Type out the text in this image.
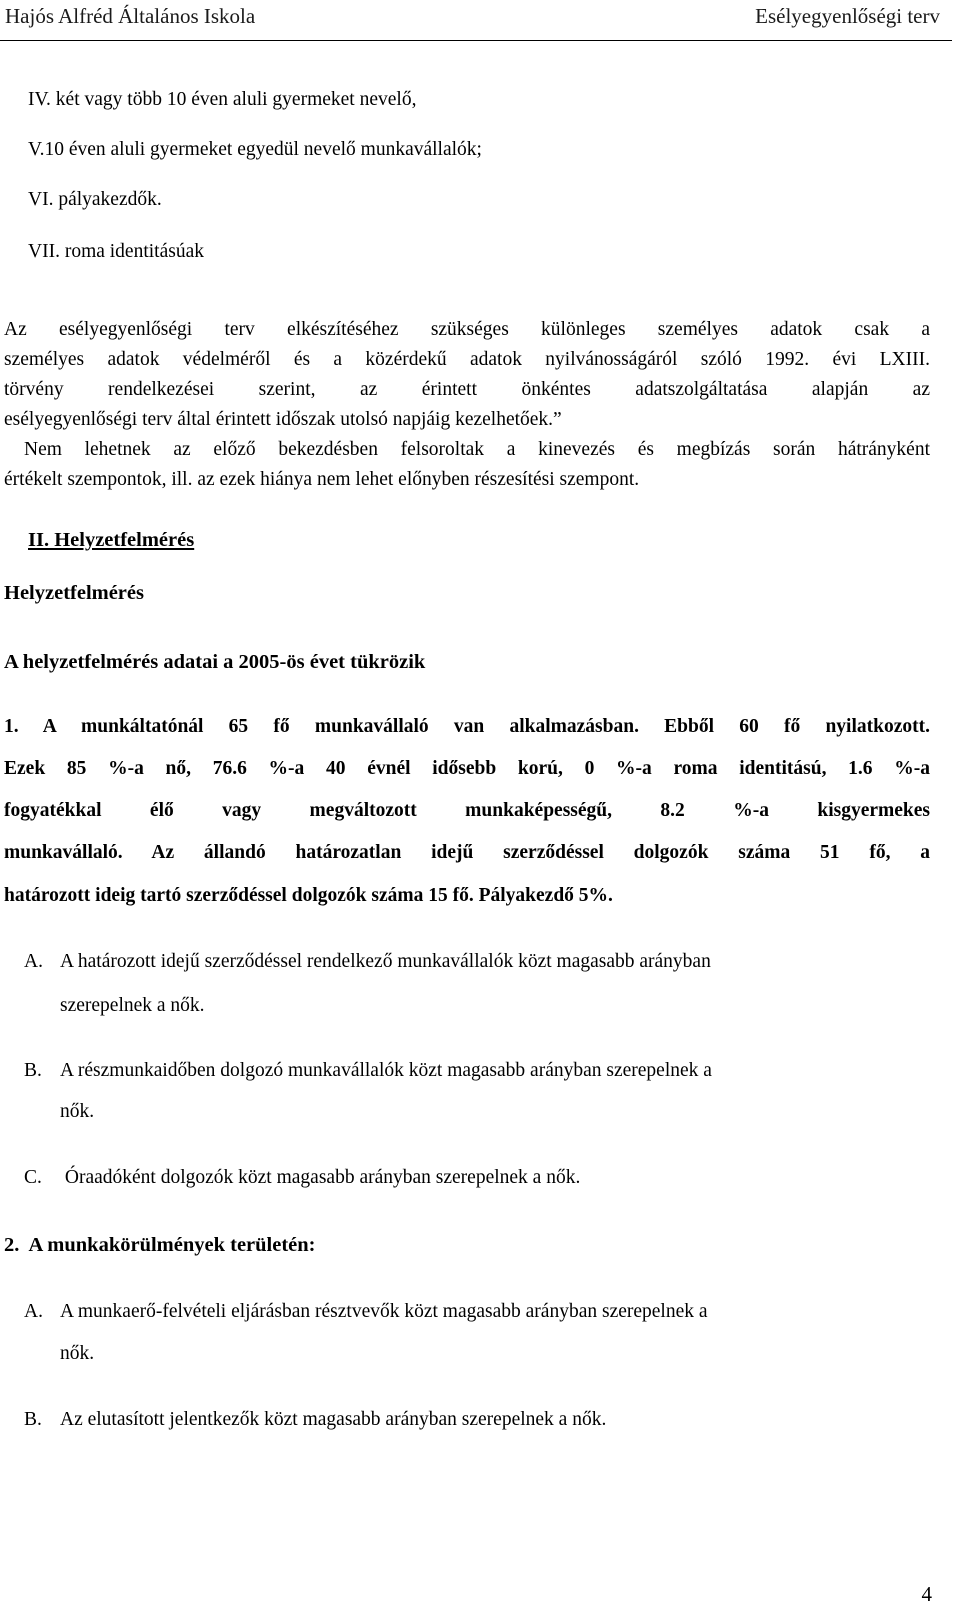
Hajós Alfréd Általános Iskola	Esélyegyenlőségi terv
IV. két vagy több 10 éven aluli gyermeket nevelő,
V.10 éven aluli gyermeket egyedül nevelő munkavállalók;
VI. pályakezdők.
VII. roma identitásúak
Az esélyegyenlőségi terv elkészítéséhez szükséges különleges személyes adatok csak a
személyes adatok védelméről és a közérdekű adatok nyilvánosságáról szóló 1992. évi LXIII.
törvény rendelkezései szerint, az érintett önkéntes adatszolgáltatása alapján az
esélyegyenlőségi terv által érintett időszak utolsó napjáig kezelhetőek.”
Nem lehetnek az előző bekezdésben felsoroltak a kinevezés és megbízás során hátrányként
értékelt szempontok, ill. az ezek hiánya nem lehet előnyben részesítési szempont.
II. Helyzetfelmérés
Helyzetfelmérés
A helyzetfelmérés adatai a 2005-ös évet tükrözik
1. A munkáltatónál 65 fő munkavállaló van alkalmazásban. Ebből 60 fő nyilatkozott.
Ezek 85 %-a nő, 76.6 %-a 40 évnél idősebb korú, 0 %-a roma identitású, 1.6 %-a
fogyatékkal élő vagy megváltozott munkaképességű, 8.2 %-a kisgyermekes
munkavállaló. Az állandó határozatlan idejű szerződéssel dolgozók száma 51 fő, a
határozott ideig tartó szerződéssel dolgozók száma 15 fő. Pályakezdő 5%.
A. A határozott idejű szerződéssel rendelkező munkavállalók közt magasabb arányban
szerepelnek a nők.
B. A részmunkaidőben dolgozó munkavállalók közt magasabb arányban szerepelnek a
nők.
C. Óraadóként dolgozók közt magasabb arányban szerepelnek a nők.
2.  A munkakörülmények területén:
A. A munkaerő-felvételi eljárásban résztvevők közt magasabb arányban szerepelnek a
nők.
B. Az elutasított jelentkezők közt magasabb arányban szerepelnek a nők.
4
